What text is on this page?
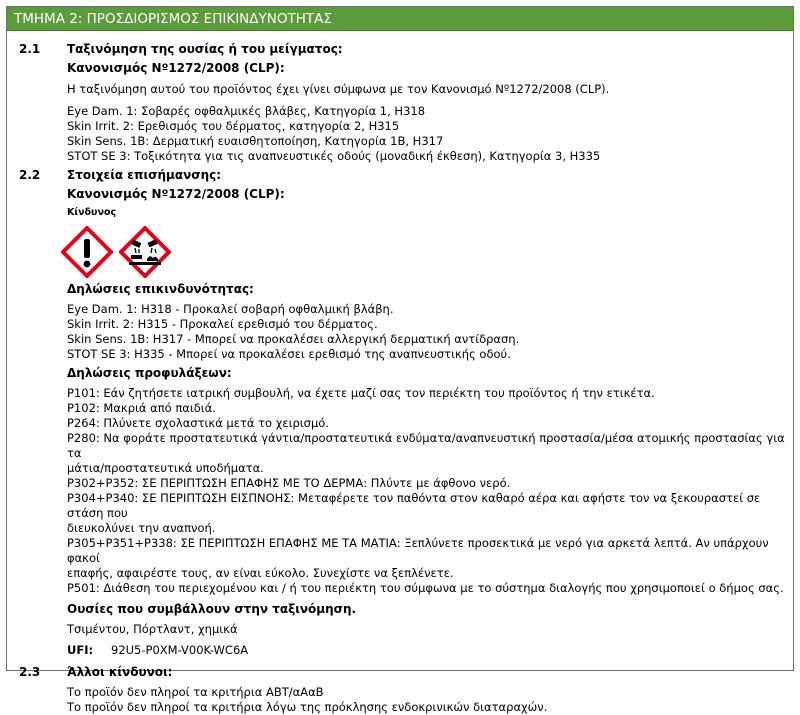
ΤΜΗΜΑ 2: ΠΡΟΣΔΙΟΡΙΣΜΟΣ ΕΠΙΚΙΝΔΥΝΟΤΗΤΑΣ
2.1	Ταξινόμηση της ουσίας ή του μείγματος:
Κανονισμός Nº1272/2008 (CLP):
Η ταξινόμηση αυτού του προϊόντος έχει γίνει σύμφωνα με τον Κανονισμό Nº1272/2008 (CLP).
Eye Dam. 1: Σοβαρές οφθαλμικές βλάβες, Κατηγορία 1, H318
Skin Irrit. 2: Ερεθισμός του δέρματος, κατηγορία 2, H315
Skin Sens. 1B: Δερματική ευαισθητοποίηση, Κατηγορία 1B, H317
STOT SE 3: Τοξικότητα για τις αναπνευστικές οδούς (μοναδική έκθεση), Κατηγορία 3, H335
2.2	Στοιχεία επισήμανσης:
Κανονισμός Nº1272/2008 (CLP):
Κίνδυνος
Δηλώσεις επικινδυνότητας:
Eye Dam. 1: H318 - Προκαλεί σοβαρή οφθαλμική βλάβη.
Skin Irrit. 2: H315 - Προκαλεί ερεθισμό του δέρματος.
Skin Sens. 1B: H317 - Μπορεί να προκαλέσει αλλεργική δερματική αντίδραση.
STOT SE 3: H335 - Μπορεί να προκαλέσει ερεθισμό της αναπνευστικής οδού.
Δηλώσεις προφυλάξεων:
P101: Εάν ζητήσετε ιατρική συμβουλή, να έχετε μαζί σας τον περιέκτη του προϊόντος ή την ετικέτα.
P102: Μακριά από παιδιά.
P264: Πλύνετε σχολαστικά μετά το χειρισμό.
P280: Να φοράτε προστατευτικά γάντια/προστατευτικά ενδύματα/αναπνευστική προστασία/μέσα ατομικής προστασίας για τα
μάτια/προστατευτικά υποδήματα.
P302+P352: ΣΕ ΠΕΡΙΠΤΩΣΗ ΕΠΑΦΗΣ ΜΕ ΤΟ ΔΕΡΜΑ: Πλύντε με άφθονο νερό.
P304+P340: ΣΕ ΠΕΡΙΠΤΩΣΗ ΕΙΣΠΝΟΗΣ: Μεταφέρετε τον παθόντα στον καθαρό αέρα και αφήστε τον να ξεκουραστεί σε στάση που
διευκολύνει την αναπνοή.
P305+P351+P338: ΣΕ ΠΕΡΙΠΤΩΣΗ ΕΠΑΦΗΣ ΜΕ ΤΑ ΜΑΤΙΑ: Ξεπλύνετε προσεκτικά με νερό για αρκετά λεπτά. Αν υπάρχουν φακοί
επαφής, αφαιρέστε τους, αν είναι εύκολο. Συνεχίστε να ξεπλένετε.
P501: Διάθεση του περιεχομένου και / ή του περιέκτη του σύμφωνα με το σύστημα διαλογής που χρησιμοποιεί ο δήμος σας.
Ουσίες που συμβάλλουν στην ταξινόμηση.
Τσιμέντου, Πόρτλαντ, χημικά
UFI:	92U5-P0XM-V00K-WC6A
2.3	Άλλοι κίνδυνοι:
Το προϊόν δεν πληροί τα κριτήρια ΑΒΤ/αΑαΒ
Το προϊόν δεν πληροί τα κριτήρια λόγω της πρόκλησης ενδοκρινικών διαταραχών.
